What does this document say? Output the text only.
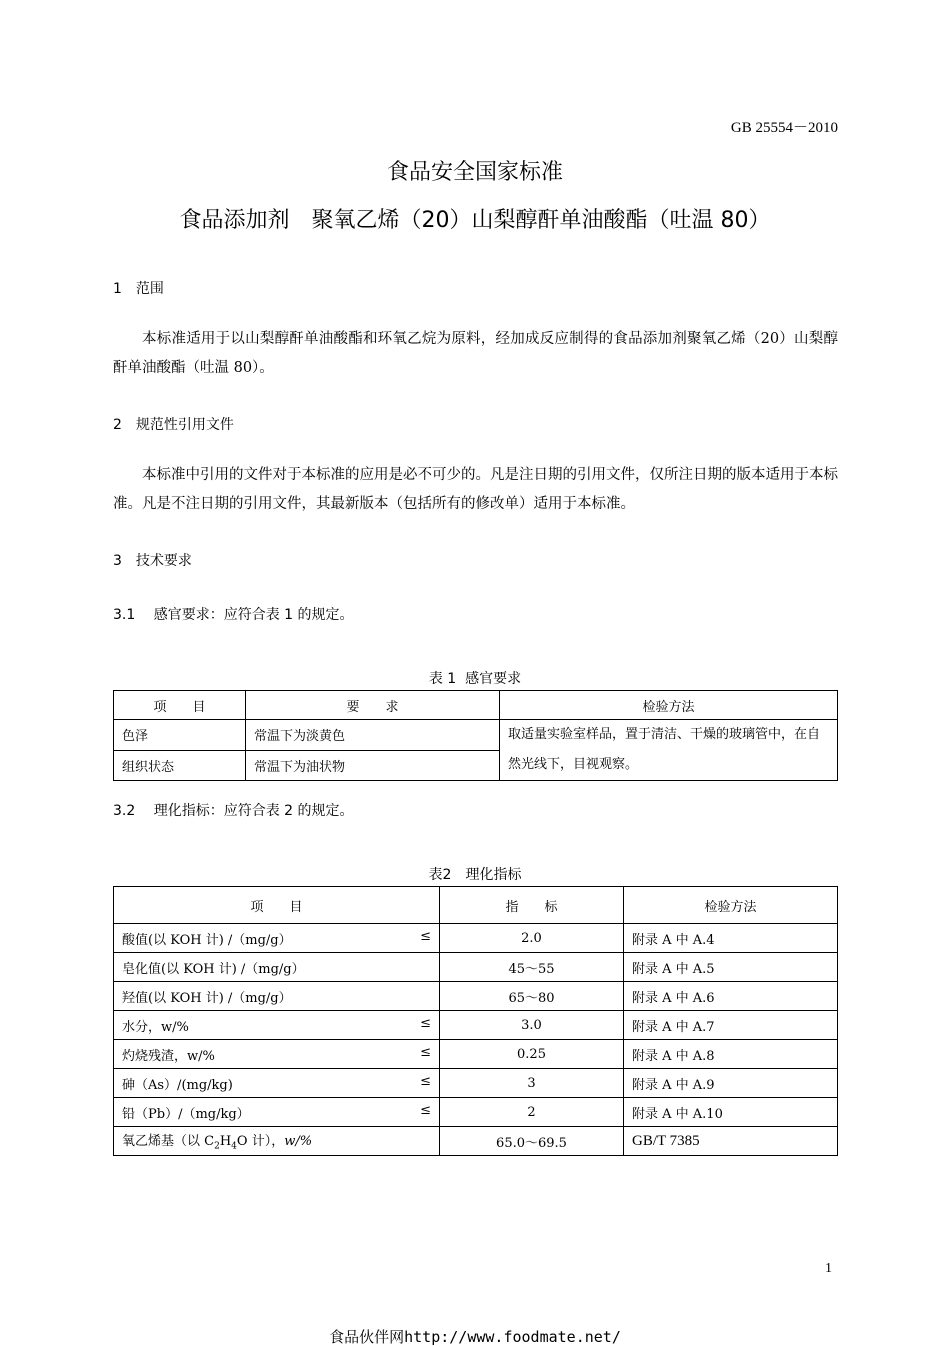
GB 25554－2010
食品安全国家标准
食品添加剂　聚氧乙烯（20）山梨醇酐单油酸酯（吐温 80）
1　范围
本标准适用于以山梨醇酐单油酸酯和环氧乙烷为原料，经加成反应制得的食品添加剂聚氧乙烯（20）山梨醇酐单油酸酯（吐温 80）。
2　规范性引用文件
本标准中引用的文件对于本标准的应用是必不可少的。凡是注日期的引用文件，仅所注日期的版本适用于本标准。凡是不注日期的引用文件，其最新版本（包括所有的修改单）适用于本标准。
3　技术要求
3.1　 感官要求：应符合表 1 的规定。
表 1  感官要求
项　　目	要　　求	检验方法
色泽	常温下为淡黄色	取适量实验室样品，置于清洁、干燥的玻璃管中，在自然光线下，目视观察。
组织状态	常温下为油状物	
3.2　 理化指标：应符合表 2 的规定。
表2　理化指标
项　　目	指　　标	检验方法
酸值(以 KOH 计) /（mg/g） ≤	2.0	附录 A 中 A.4
皂化值(以 KOH 计) /（mg/g）	45～55	附录 A 中 A.5
羟值(以 KOH 计) /（mg/g）	65～80	附录 A 中 A.6
水分，w/% ≤	3.0	附录 A 中 A.7
灼烧残渣，w/% ≤	0.25	附录 A 中 A.8
砷（As）/(mg/kg) ≤	3	附录 A 中 A.9
铅（Pb）/（mg/kg） ≤	2	附录 A 中 A.10
氧乙烯基（以 $C_2H_4O$ 计），w/%	65.0～69.5	GB/T 7385
1
食品伙伴网http://www.foodmate.net/
